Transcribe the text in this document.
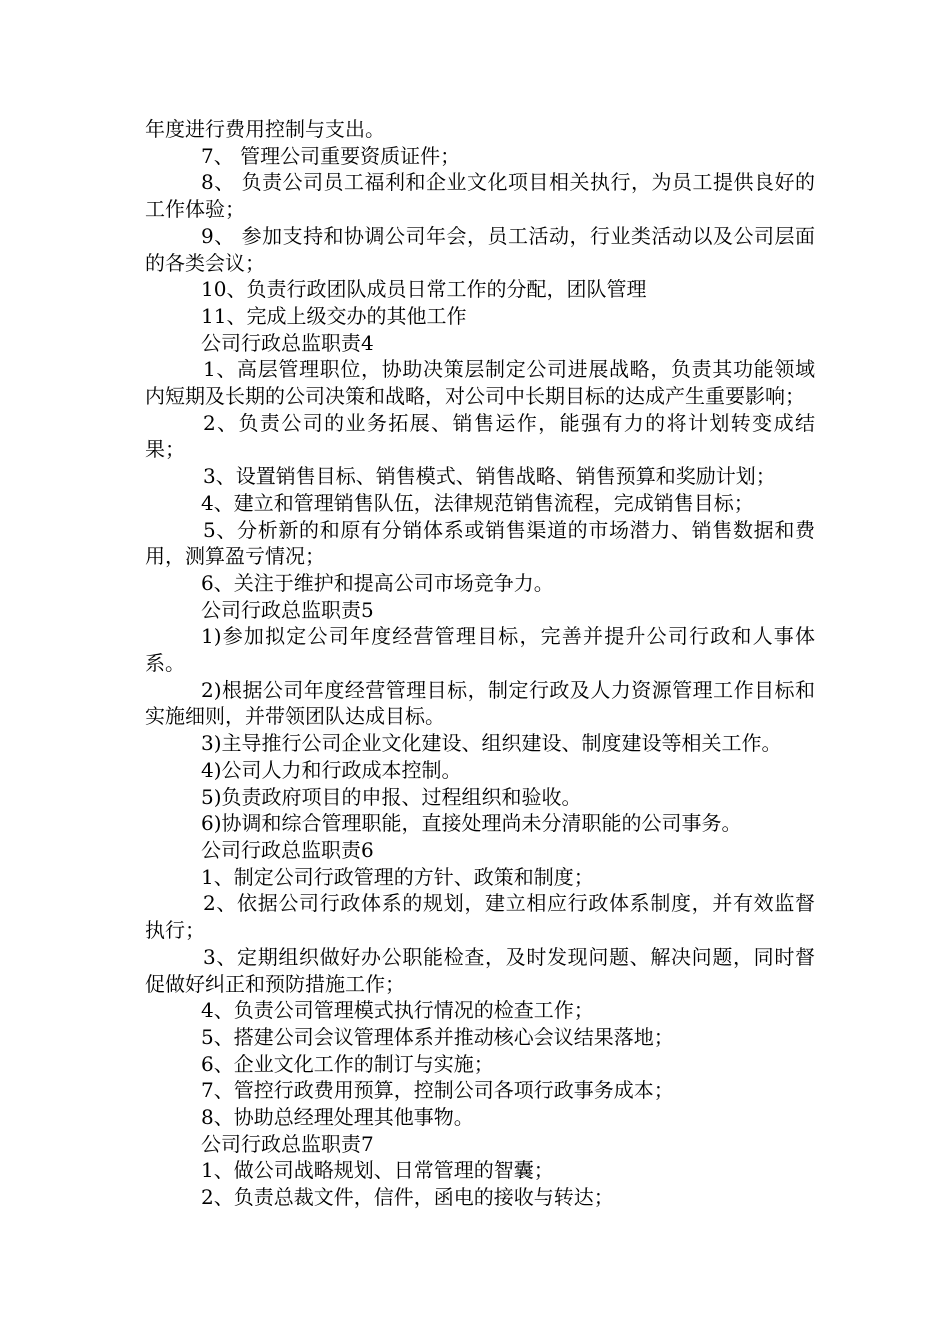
年度进行费用控制与支出。

7、 管理公司重要资质证件；

8、 负责公司员工福利和企业文化项目相关执行，为员工提供良好的工作体验；

9、 参加支持和协调公司年会，员工活动，行业类活动以及公司层面的各类会议；

10、负责行政团队成员日常工作的分配，团队管理

11、完成上级交办的其他工作

公司行政总监职责4

1、高层管理职位，协助决策层制定公司进展战略，负责其功能领域内短期及长期的公司决策和战略，对公司中长期目标的达成产生重要影响；

2、负责公司的业务拓展、销售运作，能强有力的将计划转变成结果；

3、设置销售目标、销售模式、销售战略、销售预算和奖励计划；

4、建立和管理销售队伍，法律规范销售流程，完成销售目标；

5、分析新的和原有分销体系或销售渠道的市场潜力、销售数据和费用，测算盈亏情况；

6、关注于维护和提高公司市场竞争力。

公司行政总监职责5

1)参加拟定公司年度经营管理目标，完善并提升公司行政和人事体系。

2)根据公司年度经营管理目标，制定行政及人力资源管理工作目标和实施细则，并带领团队达成目标。

3)主导推行公司企业文化建设、组织建设、制度建设等相关工作。

4)公司人力和行政成本控制。

5)负责政府项目的申报、过程组织和验收。

6)协调和综合管理职能，直接处理尚未分清职能的公司事务。

公司行政总监职责6

1、制定公司行政管理的方针、政策和制度；

2、依据公司行政体系的规划，建立相应行政体系制度，并有效监督执行；

3、定期组织做好办公职能检查，及时发现问题、解决问题，同时督促做好纠正和预防措施工作；

4、负责公司管理模式执行情况的检查工作；

5、搭建公司会议管理体系并推动核心会议结果落地；

6、企业文化工作的制订与实施；

7、管控行政费用预算，控制公司各项行政事务成本；

8、协助总经理处理其他事物。

公司行政总监职责7

1、做公司战略规划、日常管理的智囊；

2、负责总裁文件，信件，函电的接收与转达；
